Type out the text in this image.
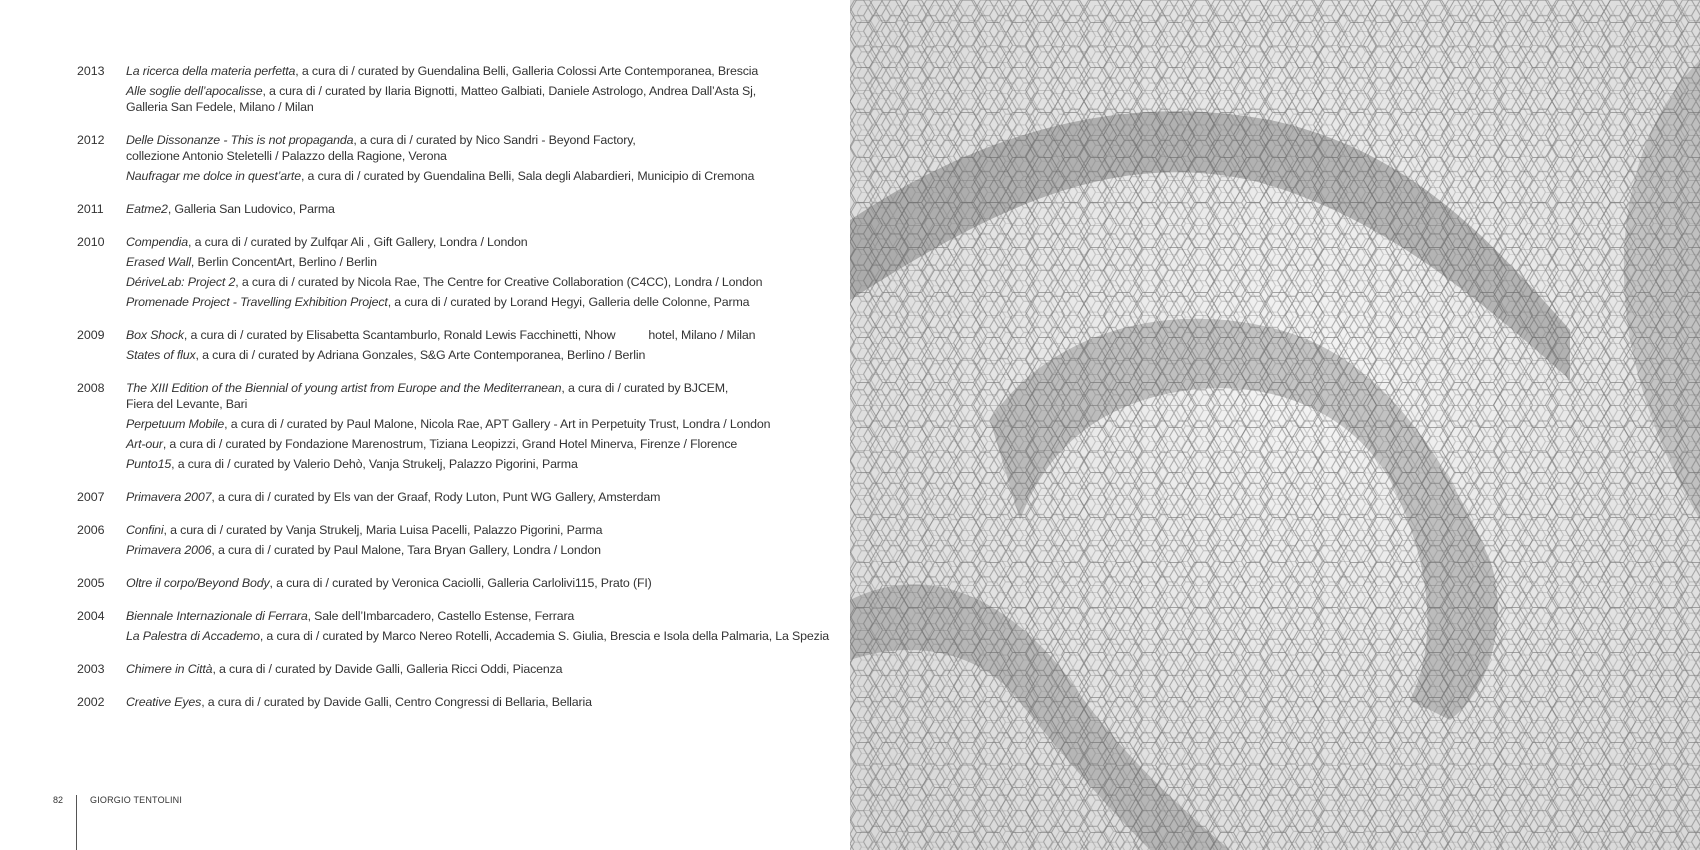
2013	La ricerca della materia perfetta, a cura di / curated by Guendalina Belli, Galleria Colossi Arte Contemporanea, Brescia
Alle soglie dell’apocalisse, a cura di / curated by Ilaria Bignotti, Matteo Galbiati, Daniele Astrologo, Andrea Dall’Asta Sj,
Galleria San Fedele, Milano / Milan
2012	Delle Dissonanze - This is not propaganda, a cura di / curated by Nico Sandri - Beyond Factory,
collezione Antonio Steletelli / Palazzo della Ragione, Verona
Naufragar me dolce in quest’arte, a cura di / curated by Guendalina Belli, Sala degli Alabardieri, Municipio di Cremona
2011	Eatme2, Galleria San Ludovico, Parma
2010	Compendia, a cura di / curated by Zulfqar Ali , Gift Gallery, Londra / London
Erased Wall, Berlin ConcentArt, Berlino / Berlin
DériveLab: Project 2, a cura di / curated by Nicola Rae, The Centre for Creative Collaboration (C4CC), Londra / London
Promenade Project - Travelling Exhibition Project, a cura di / curated by Lorand Hegyi, Galleria delle Colonne, Parma
2009	Box Shock, a cura di / curated by Elisabetta Scantamburlo, Ronald Lewis Facchinetti, Nhow          hotel, Milano / Milan
States of flux, a cura di / curated by Adriana Gonzales, S&G Arte Contemporanea, Berlino / Berlin
2008	The XIII Edition of the Biennial of young artist from Europe and the Mediterranean, a cura di / curated by BJCEM,
Fiera del Levante, Bari
Perpetuum Mobile, a cura di / curated by Paul Malone, Nicola Rae, APT Gallery - Art in Perpetuity Trust, Londra / London
Art-our, a cura di / curated by Fondazione Marenostrum, Tiziana Leopizzi, Grand Hotel Minerva, Firenze / Florence
Punto15, a cura di / curated by Valerio Dehò, Vanja Strukelj, Palazzo Pigorini, Parma
2007	Primavera 2007, a cura di / curated by Els van der Graaf, Rody Luton, Punt WG Gallery, Amsterdam
2006	Confini, a cura di / curated by Vanja Strukelj, Maria Luisa Pacelli, Palazzo Pigorini, Parma
Primavera 2006, a cura di / curated by Paul Malone, Tara Bryan Gallery, Londra / London
2005	Oltre il corpo/Beyond Body, a cura di / curated by Veronica Caciolli, Galleria Carlolivi115, Prato (FI)
2004	Biennale Internazionale di Ferrara, Sale dell’Imbarcadero, Castello Estense, Ferrara
La Palestra di Accademo, a cura di / curated by Marco Nereo Rotelli, Accademia S. Giulia, Brescia e Isola della Palmaria, La Spezia
2003	Chimere in Città, a cura di / curated by Davide Galli, Galleria Ricci Oddi, Piacenza
2002	Creative Eyes, a cura di / curated by Davide Galli, Centro Congressi di Bellaria, Bellaria
82	GIORGIO TENTOLINI
